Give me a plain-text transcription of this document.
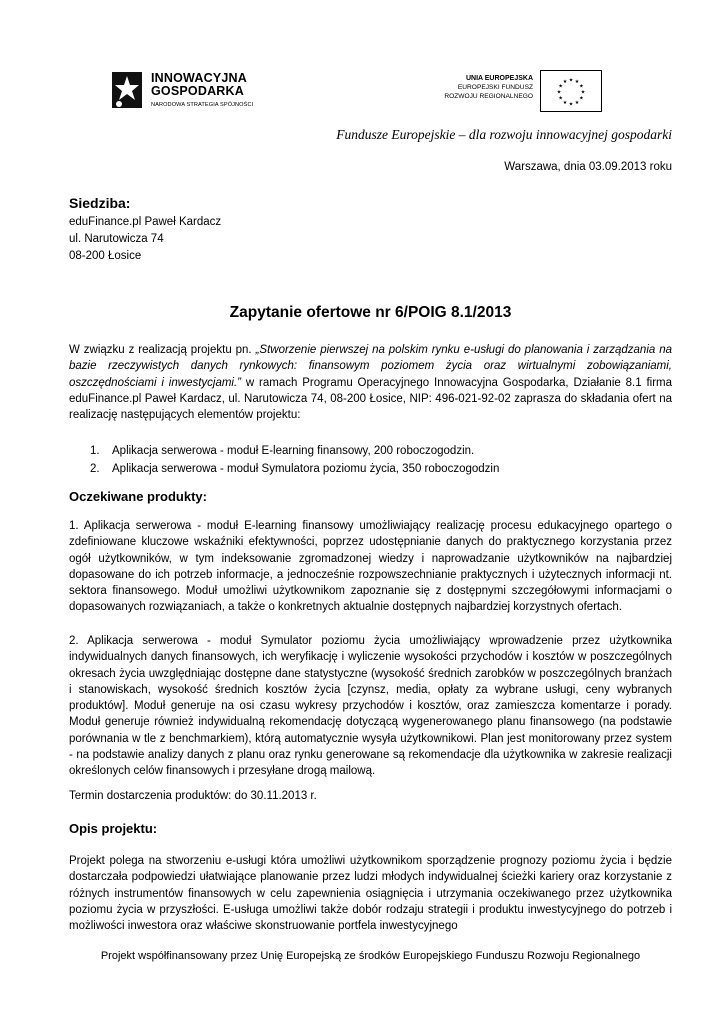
INNOWACYJNA
GOSPODARKA
NARODOWA STRATEGIA SPÓJNOŚCI
UNIA EUROPEJSKA
EUROPEJSKI FUNDUSZ
ROZWOJU REGIONALNEGO
★
★
★
★
★
★
★
★
★ ★ ★
★
Fundusze Europejskie – dla rozwoju innowacyjnej gospodarki
Warszawa, dnia 03.09.2013 roku
Siedziba:
eduFinance.pl Paweł Kardacz
ul. Narutowicza 74
08-200 Łosice
Zapytanie ofertowe nr 6/POIG 8.1/2013
W związku z realizacją projektu pn. „Stworzenie pierwszej na polskim rynku e-usługi do planowania i zarządzania na bazie rzeczywistych danych rynkowych: finansowym poziomem życia oraz wirtualnymi zobowiązaniami, oszczędnościami i inwestycjami.” w ramach Programu Operacyjnego Innowacyjna Gospodarka, Działanie 8.1 firma eduFinance.pl Paweł Kardacz, ul. Narutowicza 74, 08-200 Łosice, NIP: 496-021-92-02 zaprasza do składania ofert na realizację następujących elementów projektu:
1. Aplikacja serwerowa - moduł E-learning finansowy, 200 roboczogodzin.
2. Aplikacja serwerowa - moduł Symulatora poziomu życia, 350 roboczogodzin
Oczekiwane produkty:
1. Aplikacja serwerowa - moduł E-learning finansowy umożliwiający realizację procesu edukacyjnego opartego o zdefiniowane kluczowe wskaźniki efektywności, poprzez udostępnianie danych do praktycznego korzystania przez ogół użytkowników, w tym indeksowanie zgromadzonej wiedzy i naprowadzanie użytkowników na najbardziej dopasowane do ich potrzeb informacje, a jednocześnie rozpowszechnianie praktycznych i użytecznych informacji nt. sektora finansowego. Moduł umożliwi użytkownikom zapoznanie się z dostępnymi szczegółowymi informacjami o dopasowanych rozwiązaniach, a także o konkretnych aktualnie dostępnych najbardziej korzystnych ofertach.
2. Aplikacja serwerowa - moduł Symulator poziomu życia umożliwiający wprowadzenie przez użytkownika indywidualnych danych finansowych, ich weryfikację i wyliczenie wysokości przychodów i kosztów w poszczególnych okresach życia uwzględniając dostępne dane statystyczne (wysokość średnich zarobków w poszczególnych branżach i stanowiskach, wysokość średnich kosztów życia [czynsz, media, opłaty za wybrane usługi, ceny wybranych produktów]. Moduł generuje na osi czasu wykresy przychodów i kosztów, oraz zamieszcza komentarze i porady. Moduł generuje również indywidualną rekomendację dotyczącą wygenerowanego planu finansowego (na podstawie porównania w tle z benchmarkiem), którą automatycznie wysyła użytkownikowi. Plan jest monitorowany przez system - na podstawie analizy danych z planu oraz rynku generowane są rekomendacje dla użytkownika w zakresie realizacji określonych celów finansowych i przesyłane drogą mailową.
Termin dostarczenia produktów: do 30.11.2013 r.
Opis projektu:
Projekt polega na stworzeniu e-usługi która umożliwi użytkownikom sporządzenie prognozy poziomu życia i będzie dostarczała podpowiedzi ułatwiające planowanie przez ludzi młodych indywidualnej ścieżki kariery oraz korzystanie z różnych instrumentów finansowych w celu zapewnienia osiągnięcia i utrzymania oczekiwanego przez użytkownika poziomu życia w przyszłości. E-usługa umożliwi także dobór rodzaju strategii i produktu inwestycyjnego do potrzeb i możliwości inwestora oraz właściwe skonstruowanie portfela inwestycyjnego
Projekt współfinansowany przez Unię Europejską ze środków Europejskiego Funduszu Rozwoju Regionalnego
